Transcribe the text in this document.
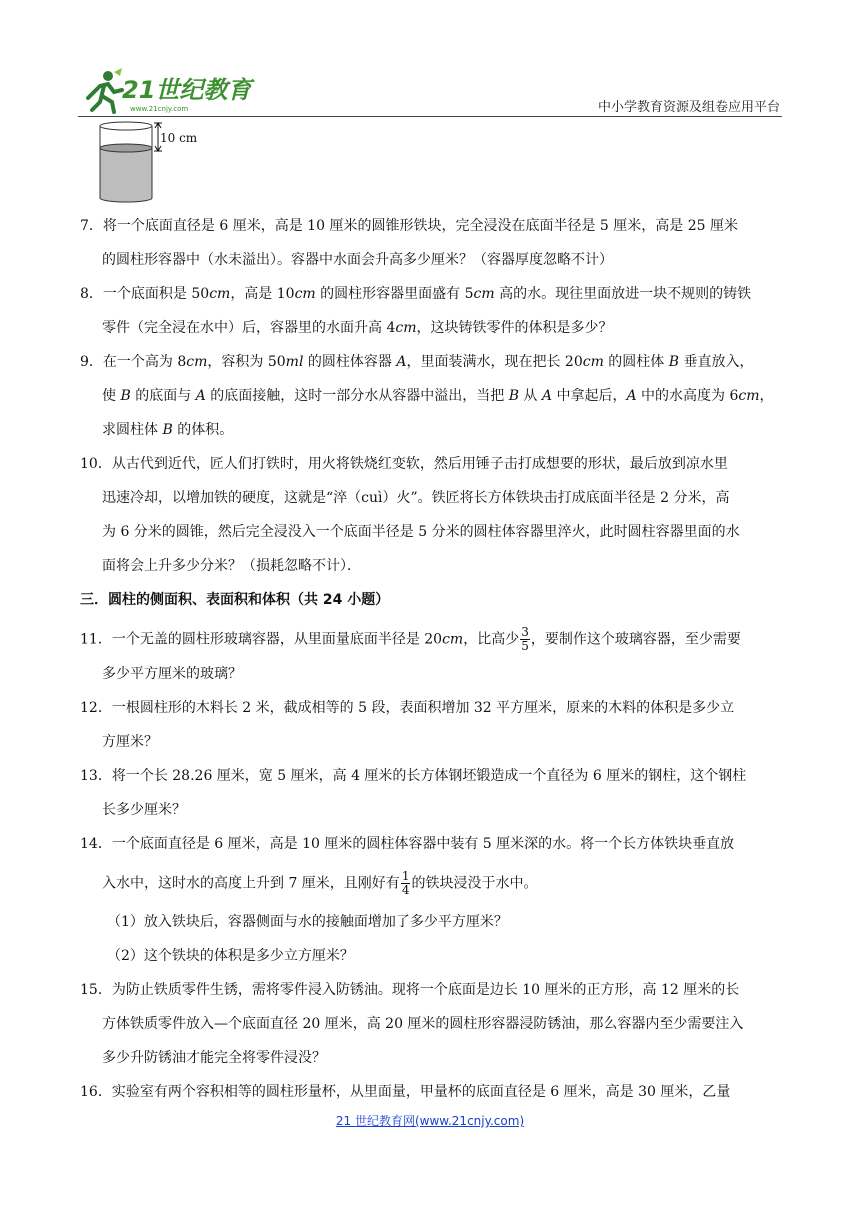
21世纪教育
www.21cnjy.com	中小学教育资源及组卷应用平台
10 cm
7．将一个底面直径是 6 厘米，高是 10 厘米的圆锥形铁块，完全浸没在底面半径是 5 厘米，高是 25 厘米
的圆柱形容器中（水未溢出）。容器中水面会升高多少厘米？（容器厚度忽略不计）
8．一个底面积是 50cm，高是 10cm 的圆柱形容器里面盛有 5cm 高的水。现往里面放进一块不规则的铸铁
零件（完全浸在水中）后，容器里的水面升高 4cm，这块铸铁零件的体积是多少？
9．在一个高为 8cm，容积为 50ml 的圆柱体容器 A，里面装满水，现在把长 20cm 的圆柱体 B 垂直放入，
使 B 的底面与 A 的底面接触，这时一部分水从容器中溢出，当把 B 从 A 中拿起后，A 中的水高度为 6cm，
求圆柱体 B 的体积。
10．从古代到近代，匠人们打铁时，用火将铁烧红变软，然后用锤子击打成想要的形状，最后放到凉水里
迅速冷却，以增加铁的硬度，这就是“淬（cuì）火”。铁匠将长方体铁块击打成底面半径是 2 分米，高
为 6 分米的圆锥，然后完全浸没入一个底面半径是 5 分米的圆柱体容器里淬火，此时圆柱容器里面的水
面将会上升多少分米？（损耗忽略不计）．
三．圆柱的侧面积、表面积和体积（共 24 小题）
11．一个无盖的圆柱形玻璃容器，从里面量底面半径是 20cm，比高少 $\frac{3}{5}$ ，要制作这个玻璃容器，至少需要
多少平方厘米的玻璃？
12．一根圆柱形的木料长 2 米，截成相等的 5 段，表面积增加 32 平方厘米，原来的木料的体积是多少立
方厘米？
13．将一个长 28.26 厘米，宽 5 厘米，高 4 厘米的长方体钢坯锻造成一个直径为 6 厘米的钢柱，这个钢柱
长多少厘米？
14．一个底面直径是 6 厘米，高是 10 厘米的圆柱体容器中装有 5 厘米深的水。将一个长方体铁块垂直放
入水中，这时水的高度上升到 7 厘米，且刚好有 $\frac{1}{4}$ 的铁块浸没于水中。
（1）放入铁块后，容器侧面与水的接触面增加了多少平方厘米？
（2）这个铁块的体积是多少立方厘米？
15．为防止铁质零件生锈，需将零件浸入防锈油。现将一个底面是边长 10 厘米的正方形，高 12 厘米的长
方体铁质零件放入—个底面直径 20 厘米，高 20 厘米的圆柱形容器浸防锈油，那么容器内至少需要注入
多少升防锈油才能完全将零件浸没？
16．实验室有两个容积相等的圆柱形量杯，从里面量，甲量杯的底面直径是 6 厘米，高是 30 厘米，乙量
21 世纪教育网(www.21cnjy.com)
